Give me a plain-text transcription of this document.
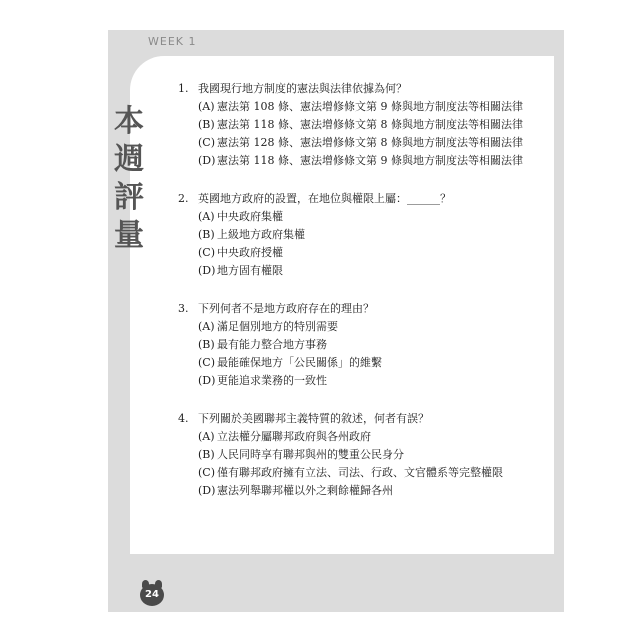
WEEK 1
本
週
評
量
1. 我國現行地方制度的憲法與法律依據為何？
(A) 憲法第 108 條、憲法增修條文第 9 條與地方制度法等相關法律
(B) 憲法第 118 條、憲法增修條文第 8 條與地方制度法等相關法律
(C) 憲法第 128 條、憲法增修條文第 8 條與地方制度法等相關法律
(D) 憲法第 118 條、憲法增修條文第 9 條與地方制度法等相關法律
2. 英國地方政府的設置，在地位與權限上屬：______？
(A) 中央政府集權
(B) 上級地方政府集權
(C) 中央政府授權
(D) 地方固有權限
3. 下列何者不是地方政府存在的理由？
(A) 滿足個別地方的特別需要
(B) 最有能力整合地方事務
(C) 最能確保地方「公民關係」的維繫
(D) 更能追求業務的一致性
4. 下列關於美國聯邦主義特質的敘述，何者有誤？
(A) 立法權分屬聯邦政府與各州政府
(B) 人民同時享有聯邦與州的雙重公民身分
(C) 僅有聯邦政府擁有立法、司法、行政、文官體系等完整權限
(D) 憲法列舉聯邦權以外之剩餘權歸各州
24
